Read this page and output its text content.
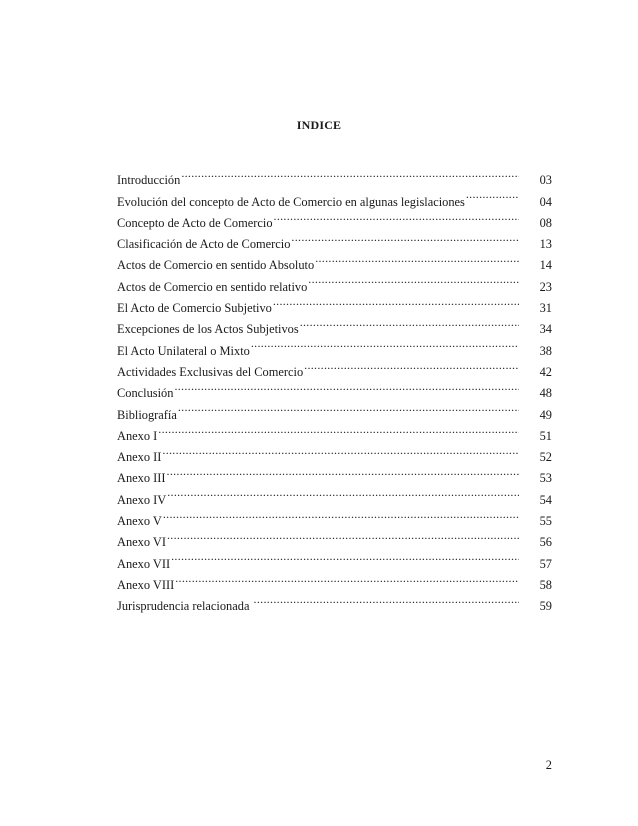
INDICE
Introducción .....	03
Evolución del concepto de Acto de Comercio en algunas legislaciones .....	04
Concepto de Acto de Comercio .....	08
Clasificación de Acto de Comercio .....	13
Actos de Comercio en sentido Absoluto .....	14
Actos de Comercio en sentido relativo .....	23
El Acto de Comercio Subjetivo .....	31
Excepciones de los Actos Subjetivos .....	34
El Acto Unilateral o Mixto .....	38
Actividades Exclusivas del Comercio .....	42
Conclusión .....	48
Bibliografía .....	49
Anexo I .....	51
Anexo II .....	52
Anexo III .....	53
Anexo IV .....	54
Anexo V .....	55
Anexo VI .....	56
Anexo VII .....	57
Anexo VIII .....	58
Jurisprudencia relacionada .....	59
2
